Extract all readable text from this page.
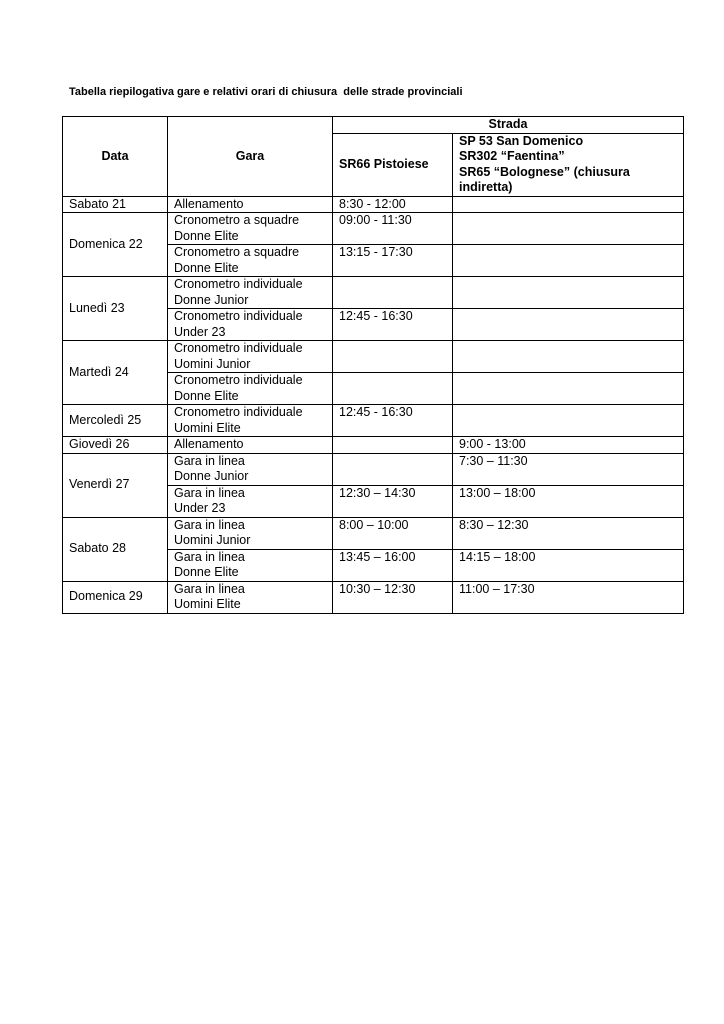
Tabella riepilogativa gare e relativi orari di chiusura  delle strade provinciali
Data	Gara	Strada	
		SR66 Pistoiese	SP 53 San Domenico
SR302 “Faentina”
SR65 “Bolognese” (chiusura
indiretta)

Sabato 21	Allenamento	8:30 - 12:00	
Domenica 22	Cronometro a squadre
Donne Elite	09:00 - 11:30	

	Cronometro a squadre
Donne Elite	13:15 - 17:30	
Lunedì 23	Cronometro individuale
Donne Junior		

	Cronometro individuale
Under 23	12:45 - 16:30	
Martedì 24	Cronometro individuale
Uomini Junior		

	Cronometro individuale
Donne Elite		

Mercoledì 25	Cronometro individuale
Uomini Elite	12:45 - 16:30	
Giovedì 26	Allenamento		9:00 - 13:00
Venerdì 27	Gara in linea
Donne Junior		7:30 – 11:30

	Gara in linea
Under 23	12:30 – 14:30	13:00 – 18:00
Sabato 28	Gara in linea
Uomini Junior	8:00 – 10:00	8:30 – 12:30

	Gara in linea
Donne Elite	13:45 – 16:00	14:15 – 18:00
Domenica 29	Gara in linea
Uomini Elite	10:30 – 12:30	11:00 – 17:30
